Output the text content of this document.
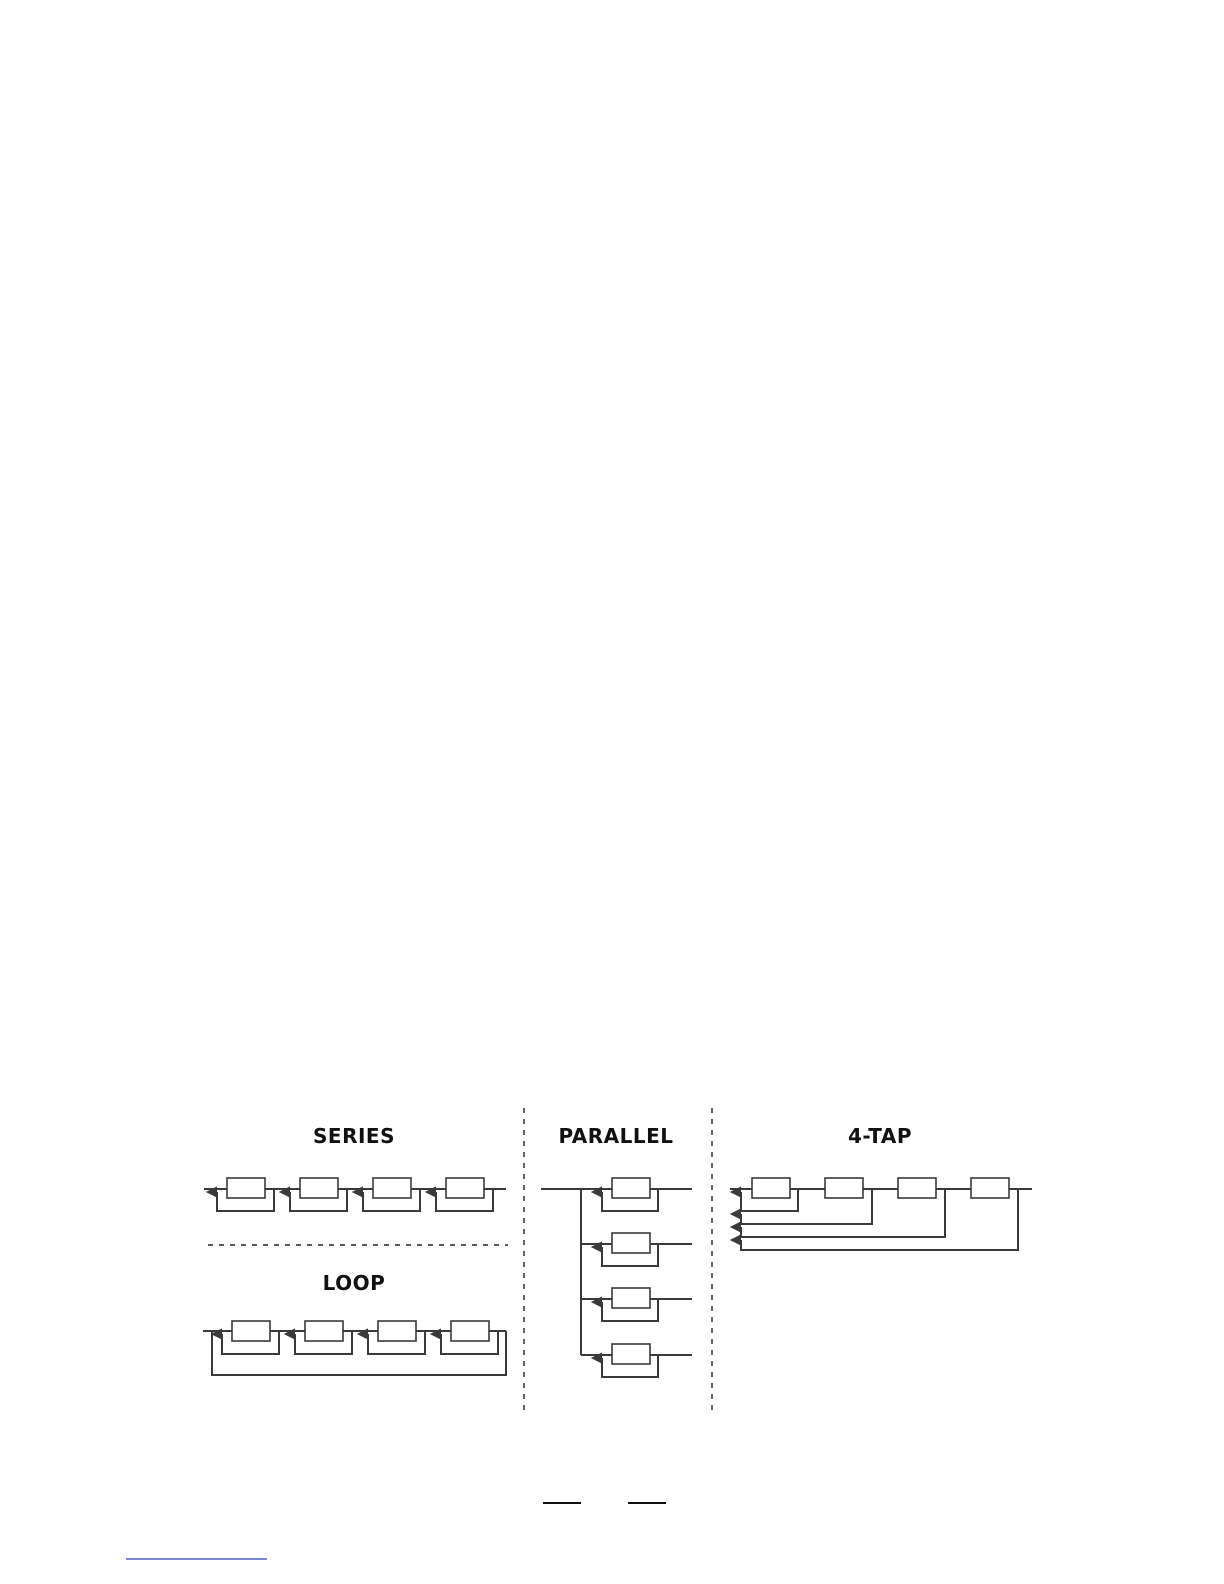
SERIES	PARALLEL	4-TAP
LOOP
